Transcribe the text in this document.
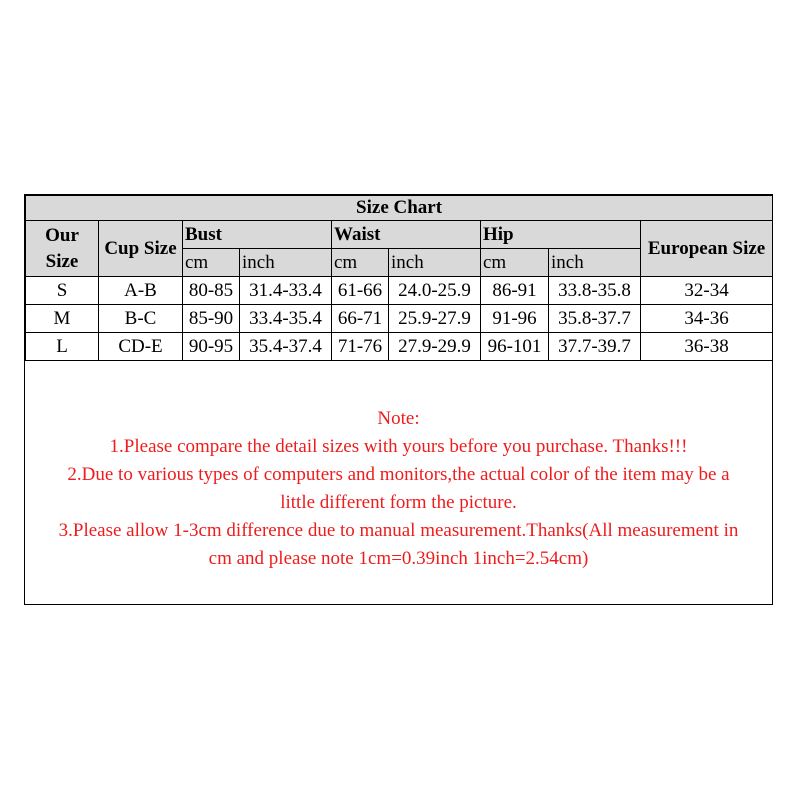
Size Chart								

Our
Size	Cup Size	Bust		Waist		Hip		European Size
		cm	inch	cm	inch	cm	inch	
S	A-B	80-85	31.4-33.4	61-66	24.0-25.9	86-91	33.8-35.8	32-34
M	B-C	85-90	33.4-35.4	66-71	25.9-27.9	91-96	35.8-37.7	34-36
L	CD-E	90-95	35.4-37.4	71-76	27.9-29.9	96-101	37.7-39.7	36-38
Note:
1.Please compare the detail sizes with yours before you purchase. Thanks!!!
2.Due to various types of computers and monitors,the actual color of the item may be a
little different form the picture.
3.Please allow 1-3cm difference due to manual measurement.Thanks(All measurement in
cm and please note 1cm=0.39inch 1inch=2.54cm)
